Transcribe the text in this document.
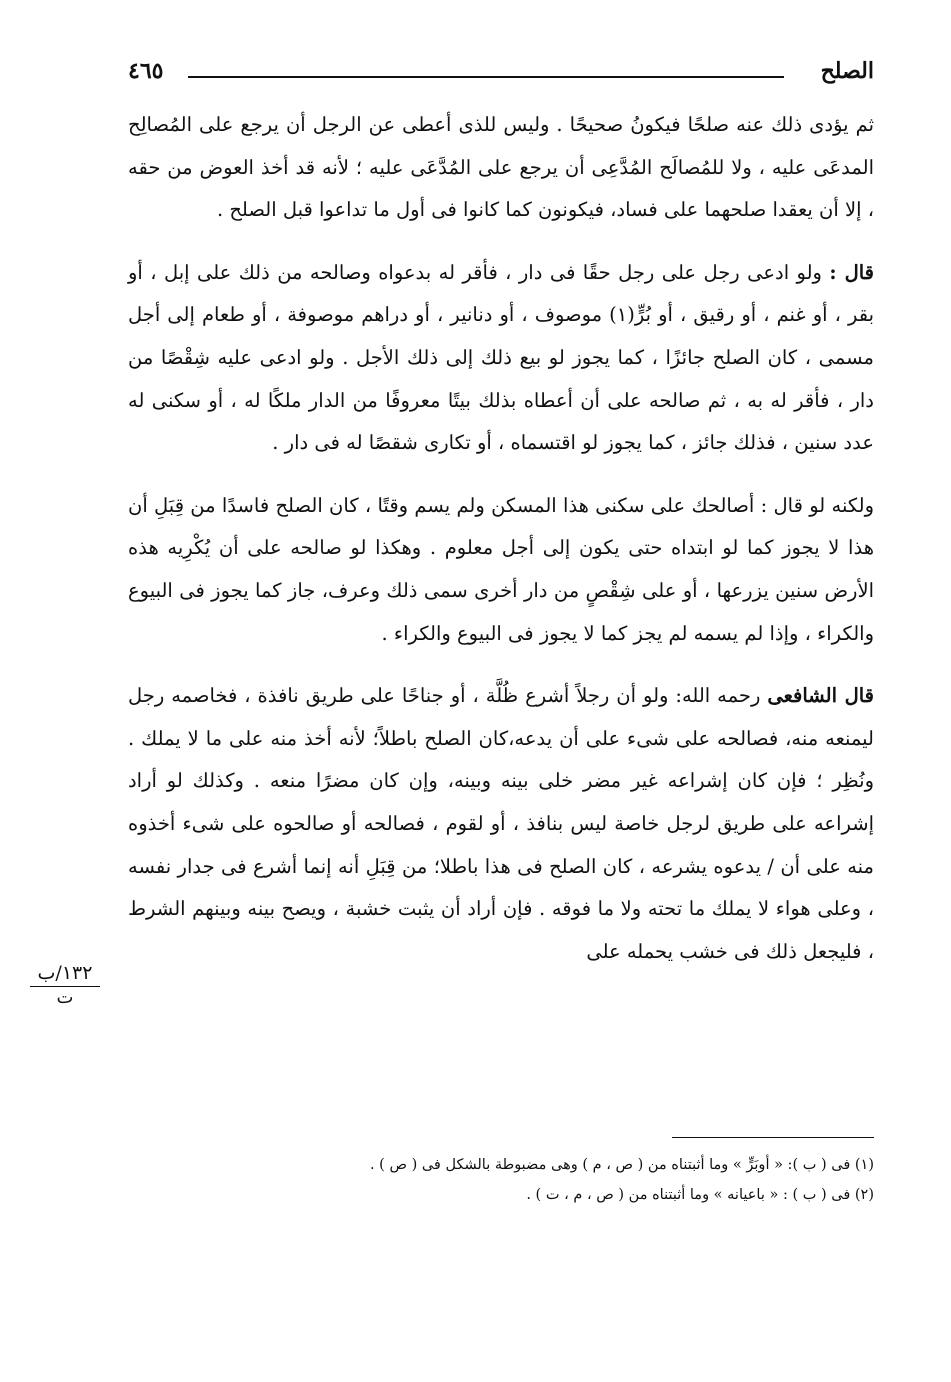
الصلح
٤٦٥

ثم يؤدى ذلك عنه صلحًا فيكونُ صحيحًا . وليس للذى أعطى عن الرجل أن يرجع على المُصالِح المدعَى عليه ، ولا للمُصالَح المُدَّعِى أن يرجع على المُدَّعَى عليه ؛ لأنه قد أخذ العوض من حقه ، إلا أن يعقدا صلحهما على فساد، فيكونون كما كانوا فى أول ما تداعوا قبل الصلح .

قال : ولو ادعى رجل على رجل حقًا فى دار ، فأقر له بدعواه وصالحه من ذلك على إبل ، أو بقر ، أو غنم ، أو رقيق ، أو بُرٍّ(١) موصوف ، أو دنانير ، أو دراهم موصوفة ، أو طعام إلى أجل مسمى ، كان الصلح جائزًا ، كما يجوز لو بيع ذلك إلى ذلك الأجل . ولو ادعى عليه شِقْصًا من دار ، فأقر له به ، ثم صالحه على أن أعطاه بذلك بيتًا معروفًا من الدار ملكًا له ، أو سكنى له عدد سنين ، فذلك جائز ، كما يجوز لو اقتسماه ، أو تكارى شقصًا له فى دار .

ولكنه لو قال : أصالحك على سكنى هذا المسكن ولم يسم وقتًا ، كان الصلح فاسدًا من قِبَلِ أن هذا لا يجوز كما لو ابتداه حتى يكون إلى أجل معلوم . وهكذا لو صالحه على أن يُكْرِيه هذه الأرض سنين يزرعها ، أو على شِقْصٍ من دار أخرى سمى ذلك وعرف، جاز كما يجوز فى البيوع والكراء ، وإذا لم يسمه لم يجز كما لا يجوز فى البيوع والكراء .

قال الشافعى رحمه الله: ولو أن رجلاً أشرع ظُلَّة ، أو جناحًا على طريق نافذة ، فخاصمه رجل ليمنعه منه، فصالحه على شىء على أن يدعه،كان الصلح باطلاً؛ لأنه أخذ منه على ما لا يملك . ونُظِر ؛ فإن كان إشراعه غير مضر خلى بينه وبينه، وإن كان مضرًا منعه . وكذلك لو أراد إشراعه على طريق لرجل خاصة ليس بنافذ ، أو لقوم ، فصالحه أو صالحوه على شىء أخذوه منه على أن / يدعوه يشرعه ، كان الصلح فى هذا باطلا؛ من قِبَلِ أنه إنما أشرع فى جدار نفسه ، وعلى هواء لا يملك ما تحته ولا ما فوقه . فإن أراد أن يثبت خشبة ، ويصح بينه وبينهم الشرط ، فليجعل ذلك فى خشب يحمله على

١٣٢/ب
ت
(١) فى ( ب ): « أوبَرٍّ » وما أثبتناه من ( ص ، م ) وهى مضبوطة بالشكل فى ( ص ) .
(٢) فى ( ب ) : « باعيانه » وما أثبتناه من ( ص ، م ، ت ) .
